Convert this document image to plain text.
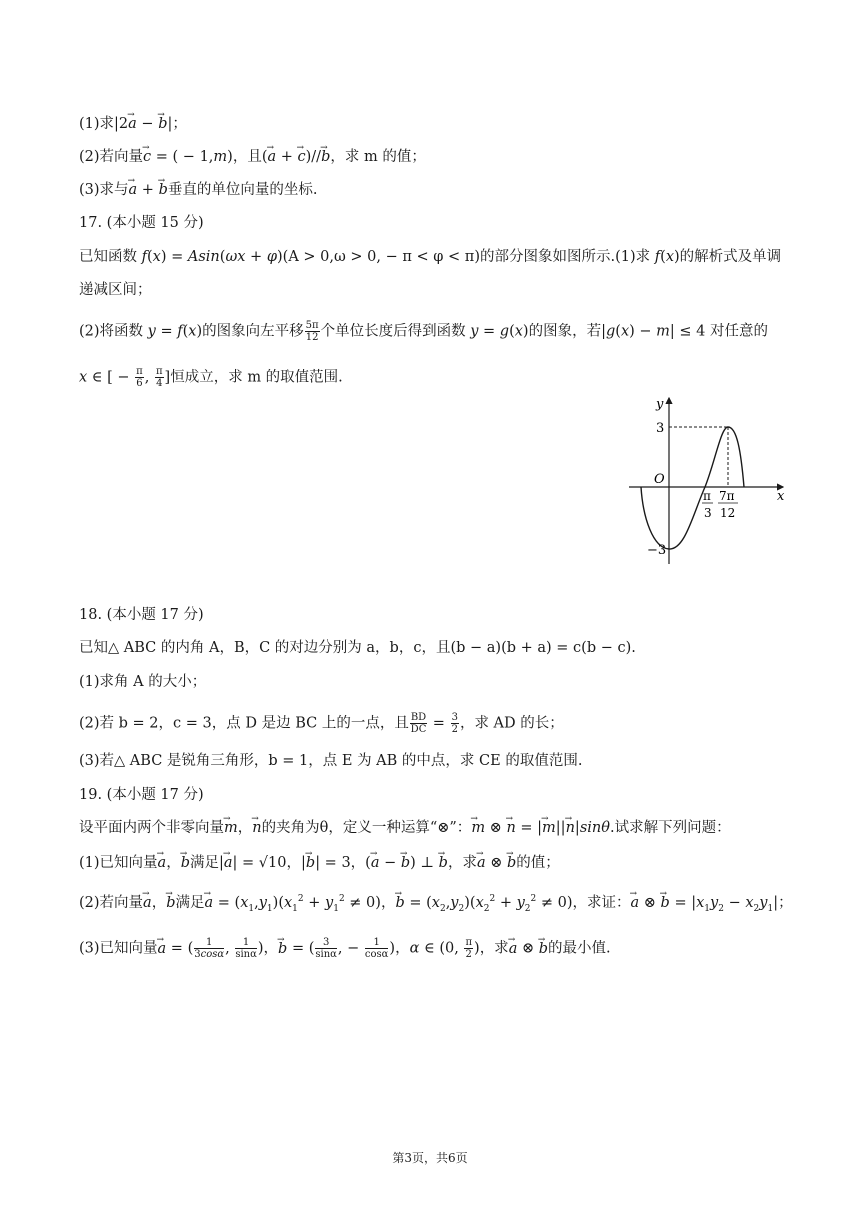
(1)求|2→ a − → b|；
(2)若向量→ c = ( − 1,m)，且(→ a + → c)//→ b，求 m 的值；
(3)求与→ a + → b垂直的单位向量的坐标.
17. (本小题 15 分)
已知函数 f(x) = Asin(ωx + φ)(A > 0,ω > 0, − π < φ < π)的部分图象如图所示.(1)求 f(x)的解析式及单调
递减区间；
(2)将函数 y = f(x)的图象向左平移 $\frac{5\pi}{12}$ 个单位长度后得到函数 y = g(x)的图象，若|g(x) − m| ≤ 4 对任意的
x ∈ [ − $\frac{\pi}{6}$ , $\frac{\pi}{4}$ ]恒成立，求 m 的取值范围.
y
x
O
3
−3
π
3
7π
12
18. (本小题 17 分)
已知△ ABC 的内角 A，B，C 的对边分别为 a，b，c，且(b − a)(b + a) = c(b − c).
(1)求角 A 的大小；
(2)若 b = 2，c = 3，点 D 是边 BC 上的一点，且 $\frac{BD}{DC} = \frac{3}{2}$ ，求 AD 的长；
(3)若△ ABC 是锐角三角形，b = 1，点 E 为 AB 的中点，求 CE 的取值范围.
19. (本小题 17 分)
设平面内两个非零向量→ m，→ n的夹角为θ，定义一种运算“⊗”：→ m ⊗ → n = |→ m||→ n|sinθ.试求解下列问题：
(1)已知向量→ a，→ b满足|→ a| = √10，|→ b| = 3，(→ a − → b) ⊥ → b，求→ a ⊗ → b的值；
(2)若向量→ a，→ b满足→ $a = (x_1,y_1)(x_1^2 + y_1^2 \ne 0)$，→ $b = (x_2,y_2)(x_2^2 + y_2^2 \ne 0)$，求证：→ a ⊗ → $b = |x_1y_2 - x_2y_1|$；
(3)已知向量→ a = ( $\frac{1}{3\cos\alpha}$ , $\frac{1}{\sin\alpha}$ )，→ b = ( $\frac{3}{\sin\alpha}$ , − $\frac{1}{\cos\alpha}$ )，α ∈ (0, $\frac{\pi}{2}$ )，求→ a ⊗ → b的最小值.
第3页，共6页
